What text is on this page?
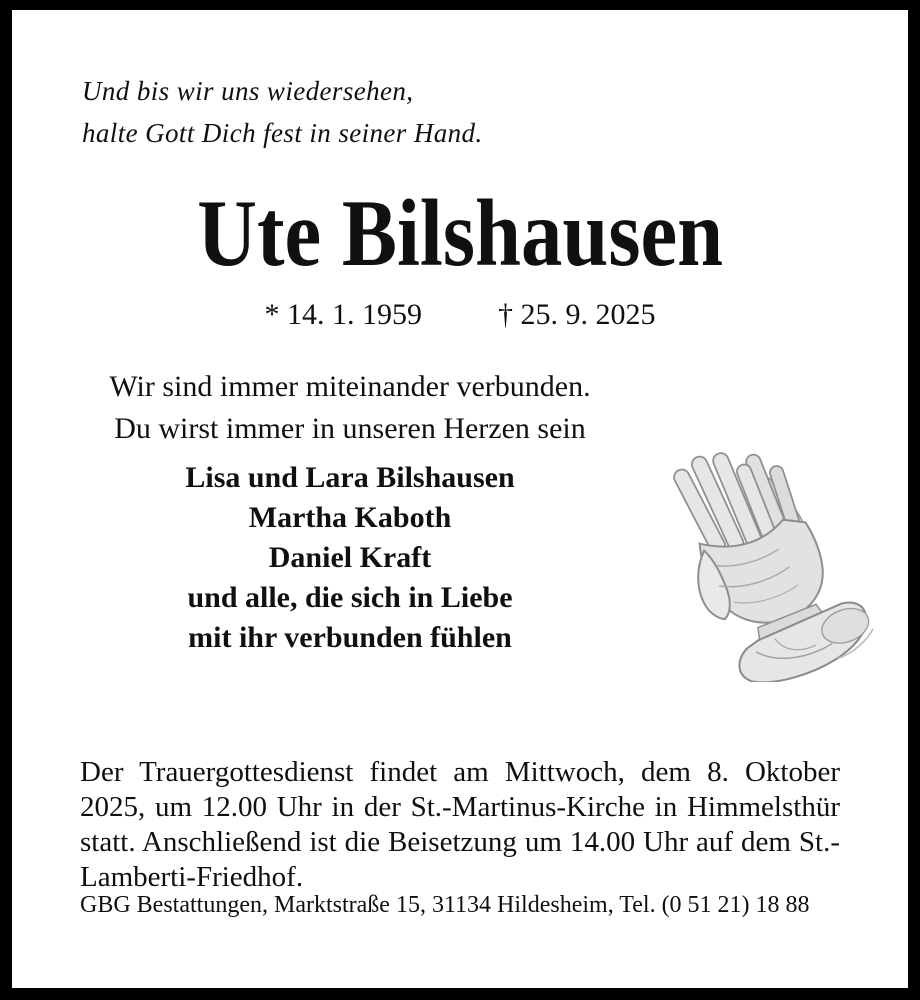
Und bis wir uns wiedersehen,
halte Gott Dich fest in seiner Hand.
Ute Bilshausen
* 14. 1. 1959	† 25. 9. 2025
Wir sind immer miteinander verbunden.
Du wirst immer in unseren Herzen sein
Lisa und Lara Bilshausen
Martha Kaboth
Daniel Kraft
und alle, die sich in Liebe
mit ihr verbunden fühlen

Der Trauergottesdienst findet am Mittwoch, dem 8. Oktober 2025, um 12.00 Uhr in der St.-Martinus-Kirche in Himmelsthür statt. Anschließend ist die Beisetzung um 14.00 Uhr auf dem St.-Lamberti-Friedhof.

GBG Bestattungen, Marktstraße 15, 31134 Hildesheim, Tel. (0 51 21) 18 88
